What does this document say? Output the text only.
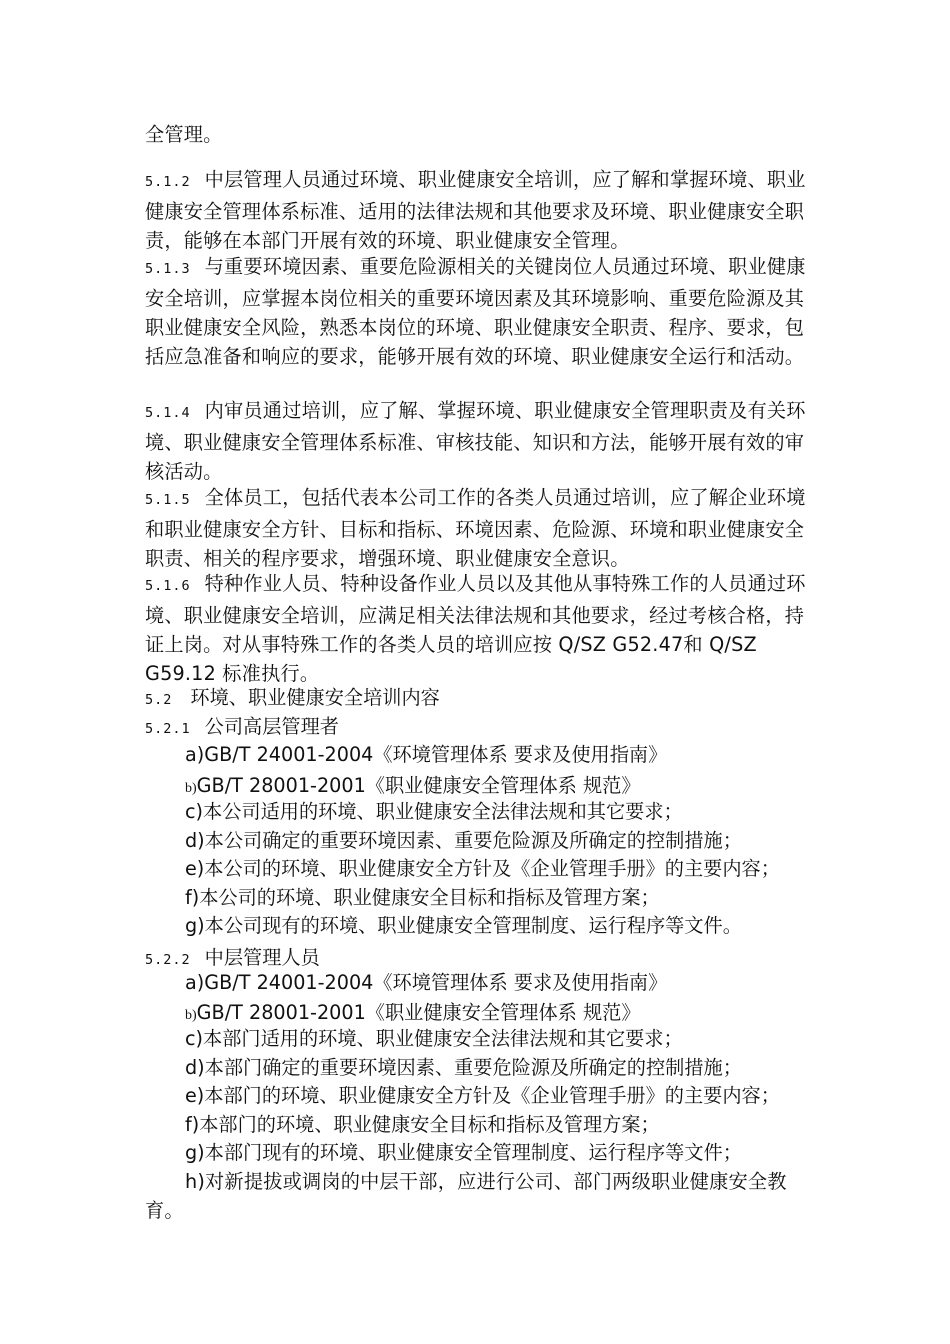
全管理。
5.1.2 中层管理人员通过环境、职业健康安全培训，应了解和掌握环境、职业健康安全管理体系标准、适用的法律法规和其他要求及环境、职业健康安全职责，能够在本部门开展有效的环境、职业健康安全管理。
5.1.3 与重要环境因素、重要危险源相关的关键岗位人员通过环境、职业健康安全培训，应掌握本岗位相关的重要环境因素及其环境影响、重要危险源及其职业健康安全风险，熟悉本岗位的环境、职业健康安全职责、程序、要求，包括应急准备和响应的要求，能够开展有效的环境、职业健康安全运行和活动。
5.1.4 内审员通过培训，应了解、掌握环境、职业健康安全管理职责及有关环境、职业健康安全管理体系标准、审核技能、知识和方法，能够开展有效的审核活动。
5.1.5 全体员工，包括代表本公司工作的各类人员通过培训，应了解企业环境和职业健康安全方针、目标和指标、环境因素、危险源、环境和职业健康安全职责、相关的程序要求，增强环境、职业健康安全意识。
5.1.6 特种作业人员、特种设备作业人员以及其他从事特殊工作的人员通过环境、职业健康安全培训，应满足相关法律法规和其他要求，经过考核合格，持证上岗。对从事特殊工作的各类人员的培训应按 Q/SZ G52.47和 Q/SZ G59.12 标准执行。
5.2 环境、职业健康安全培训内容
5.2.1 公司高层管理者
a)GB/T 24001-2004《环境管理体系 要求及使用指南》
b)GB/T 28001-2001《职业健康安全管理体系 规范》
c)本公司适用的环境、职业健康安全法律法规和其它要求；
d)本公司确定的重要环境因素、重要危险源及所确定的控制措施；
e)本公司的环境、职业健康安全方针及《企业管理手册》的主要内容；
f)本公司的环境、职业健康安全目标和指标及管理方案；
g)本公司现有的环境、职业健康安全管理制度、运行程序等文件。
5.2.2 中层管理人员
a)GB/T 24001-2004《环境管理体系 要求及使用指南》
b)GB/T 28001-2001《职业健康安全管理体系 规范》
c)本部门适用的环境、职业健康安全法律法规和其它要求；
d)本部门确定的重要环境因素、重要危险源及所确定的控制措施；
e)本部门的环境、职业健康安全方针及《企业管理手册》的主要内容；
f)本部门的环境、职业健康安全目标和指标及管理方案；
g)本部门现有的环境、职业健康安全管理制度、运行程序等文件；
h)对新提拔或调岗的中层干部，应进行公司、部门两级职业健康安全教育。
